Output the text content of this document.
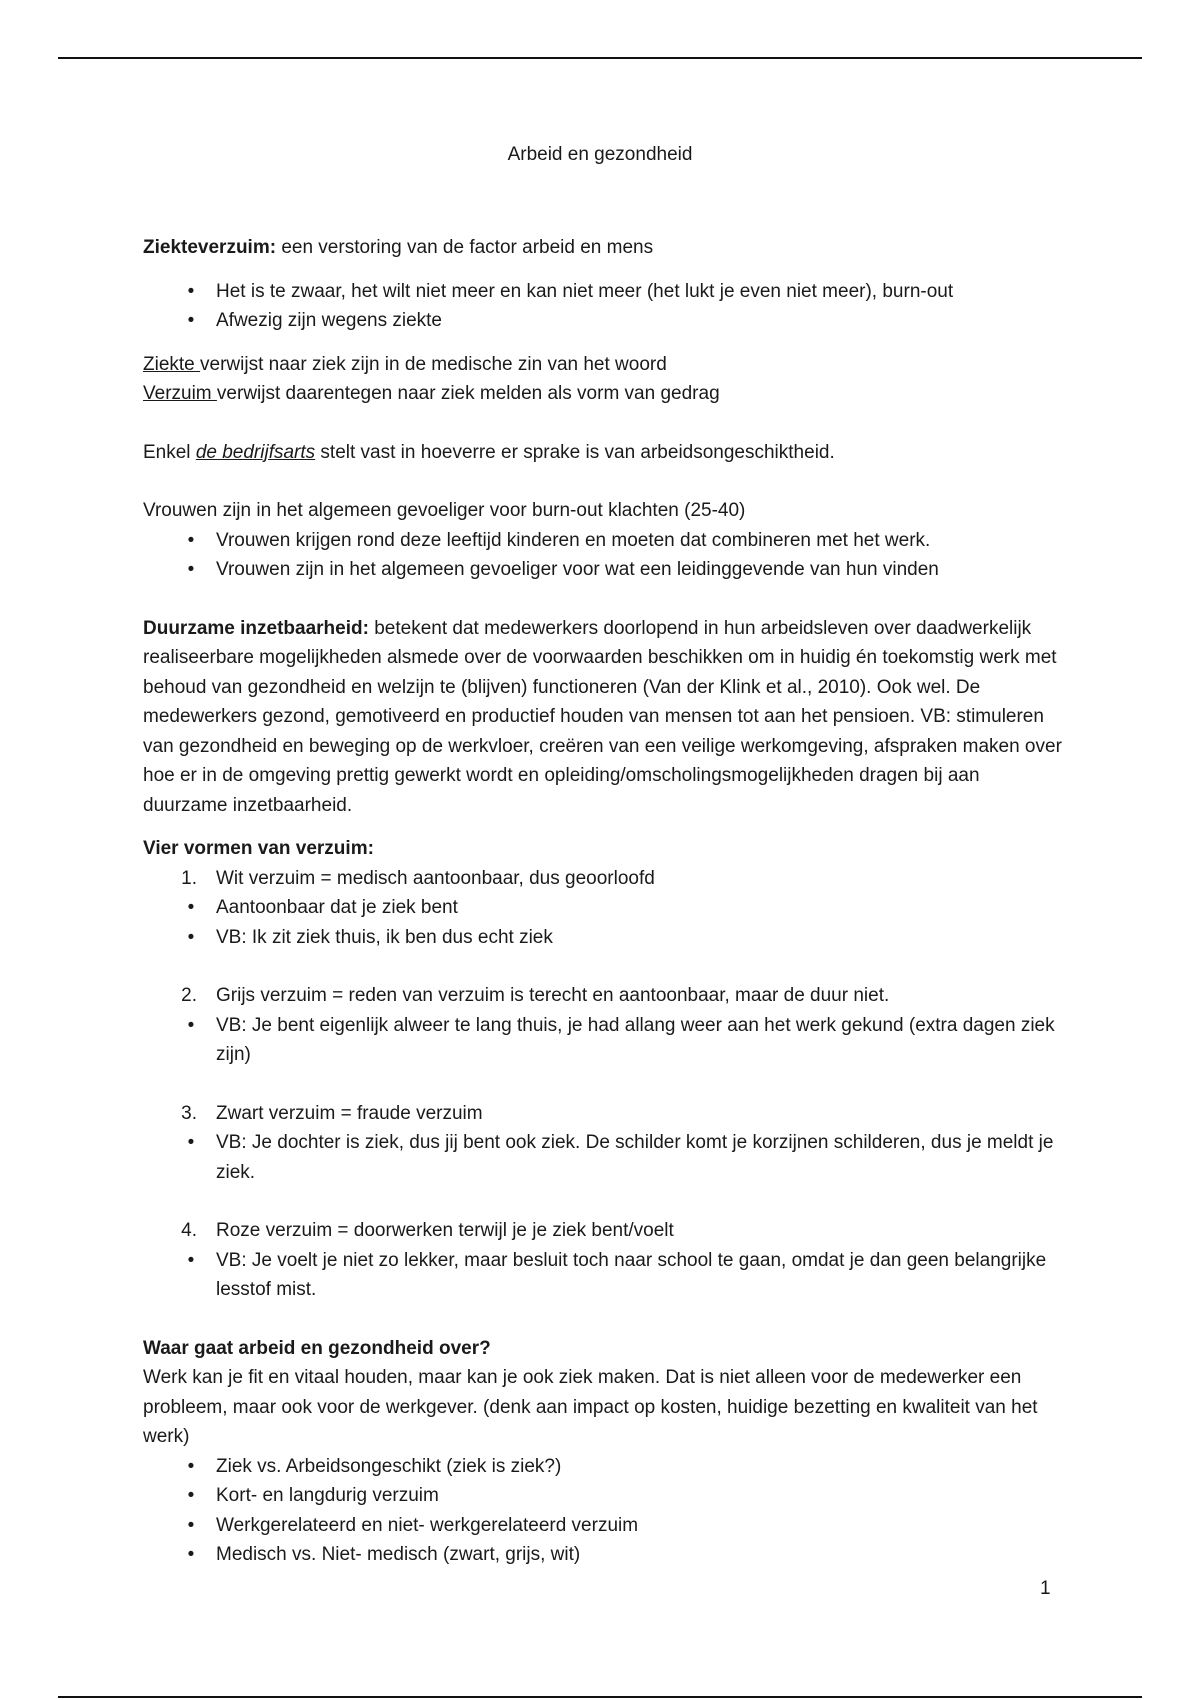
Arbeid en gezondheid

Ziekteverzuim: een verstoring van de factor arbeid en mens

•	Het is te zwaar, het wilt niet meer en kan niet meer (het lukt je even niet meer), burn-out
•	Afwezig zijn wegens ziekte

Ziekte verwijst naar ziek zijn in de medische zin van het woord

Verzuim verwijst daarentegen naar ziek melden als vorm van gedrag

Enkel de bedrijfsarts stelt vast in hoeverre er sprake is van arbeidsongeschiktheid.

Vrouwen zijn in het algemeen gevoeliger voor burn-out klachten (25-40)

•	Vrouwen krijgen rond deze leeftijd kinderen en moeten dat combineren met het werk.
•	Vrouwen zijn in het algemeen gevoeliger voor wat een leidinggevende van hun vinden

Duurzame inzetbaarheid: betekent dat medewerkers doorlopend in hun arbeidsleven over daadwerkelijk realiseerbare mogelijkheden alsmede over de voorwaarden beschikken om in huidig én toekomstig werk met behoud van gezondheid en welzijn te (blijven) functioneren (Van der Klink et al., 2010). Ook wel. De medewerkers gezond, gemotiveerd en productief houden van mensen tot aan het pensioen. VB: stimuleren van gezondheid en beweging op de werkvloer, creëren van een veilige werkomgeving, afspraken maken over hoe er in de omgeving prettig gewerkt wordt en opleiding/omscholingsmogelijkheden dragen bij aan duurzame inzetbaarheid.

Vier vormen van verzuim:

1. Wit verzuim = medisch aantoonbaar, dus geoorloofd
•	Aantoonbaar dat je ziek bent
•	VB: Ik zit ziek thuis, ik ben dus echt ziek
2. Grijs verzuim = reden van verzuim is terecht en aantoonbaar, maar de duur niet.
•	VB: Je bent eigenlijk alweer te lang thuis, je had allang weer aan het werk gekund (extra dagen ziek zijn)
3. Zwart verzuim = fraude verzuim
•	VB: Je dochter is ziek, dus jij bent ook ziek. De schilder komt je korzijnen schilderen, dus je meldt je ziek.
4. Roze verzuim = doorwerken terwijl je je ziek bent/voelt
•	VB: Je voelt je niet zo lekker, maar besluit toch naar school te gaan, omdat je dan geen belangrijke lesstof mist.

Waar gaat arbeid en gezondheid over?

Werk kan je fit en vitaal houden, maar kan je ook ziek maken. Dat is niet alleen voor de medewerker een probleem, maar ook voor de werkgever. (denk aan impact op kosten, huidige bezetting en kwaliteit van het werk)

•	Ziek vs. Arbeidsongeschikt (ziek is ziek?)
•	Kort- en langdurig verzuim
•	Werkgerelateerd en niet- werkgerelateerd verzuim
•	Medisch vs. Niet- medisch (zwart, grijs, wit)
1
